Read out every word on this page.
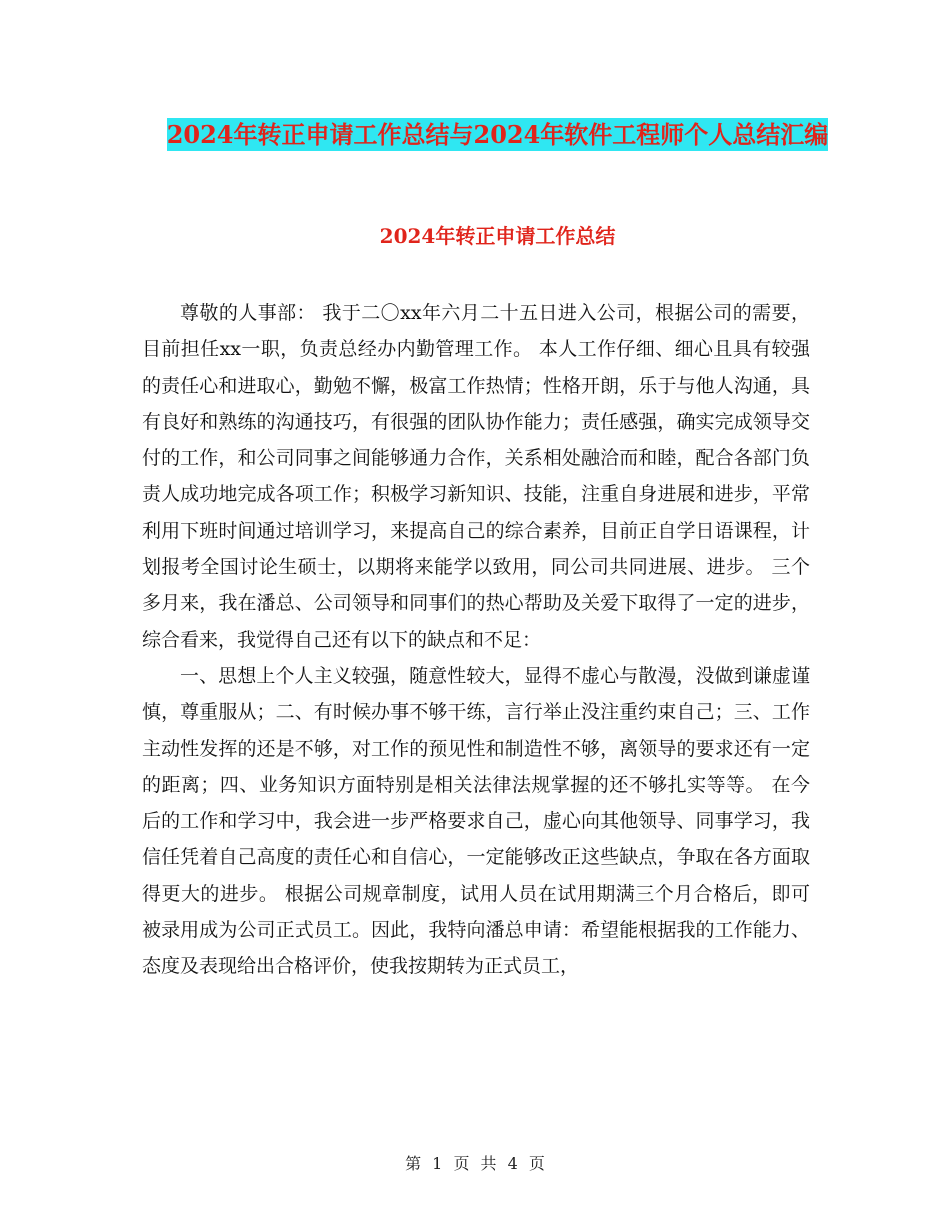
2024年转正申请工作总结与2024年软件工程师个人总结汇编
2024年转正申请工作总结

尊敬的人事部： 我于二〇xx年六月二十五日进入公司，根据公司的需要，目前担任xx一职，负责总经办内勤管理工作。 本人工作仔细、细心且具有较强的责任心和进取心，勤勉不懈，极富工作热情；性格开朗，乐于与他人沟通，具有良好和熟练的沟通技巧，有很强的团队协作能力；责任感强，确实完成领导交付的工作，和公司同事之间能够通力合作，关系相处融洽而和睦，配合各部门负责人成功地完成各项工作；积极学习新知识、技能，注重自身进展和进步，平常利用下班时间通过培训学习，来提高自己的综合素养，目前正自学日语课程，计划报考全国讨论生硕士，以期将来能学以致用，同公司共同进展、进步。 三个多月来，我在潘总、公司领导和同事们的热心帮助及关爱下取得了一定的进步，综合看来，我觉得自己还有以下的缺点和不足：

一、思想上个人主义较强，随意性较大，显得不虚心与散漫，没做到谦虚谨慎，尊重服从；二、有时候办事不够干练，言行举止没注重约束自己；三、工作主动性发挥的还是不够，对工作的预见性和制造性不够，离领导的要求还有一定的距离；四、业务知识方面特别是相关法律法规掌握的还不够扎实等等。 在今后的工作和学习中，我会进一步严格要求自己，虚心向其他领导、同事学习，我信任凭着自己高度的责任心和自信心，一定能够改正这些缺点，争取在各方面取得更大的进步。 根据公司规章制度，试用人员在试用期满三个月合格后，即可被录用成为公司正式员工。因此，我特向潘总申请：希望能根据我的工作能力、态度及表现给出合格评价，使我按期转为正式员工，

第 1 页 共 4 页
